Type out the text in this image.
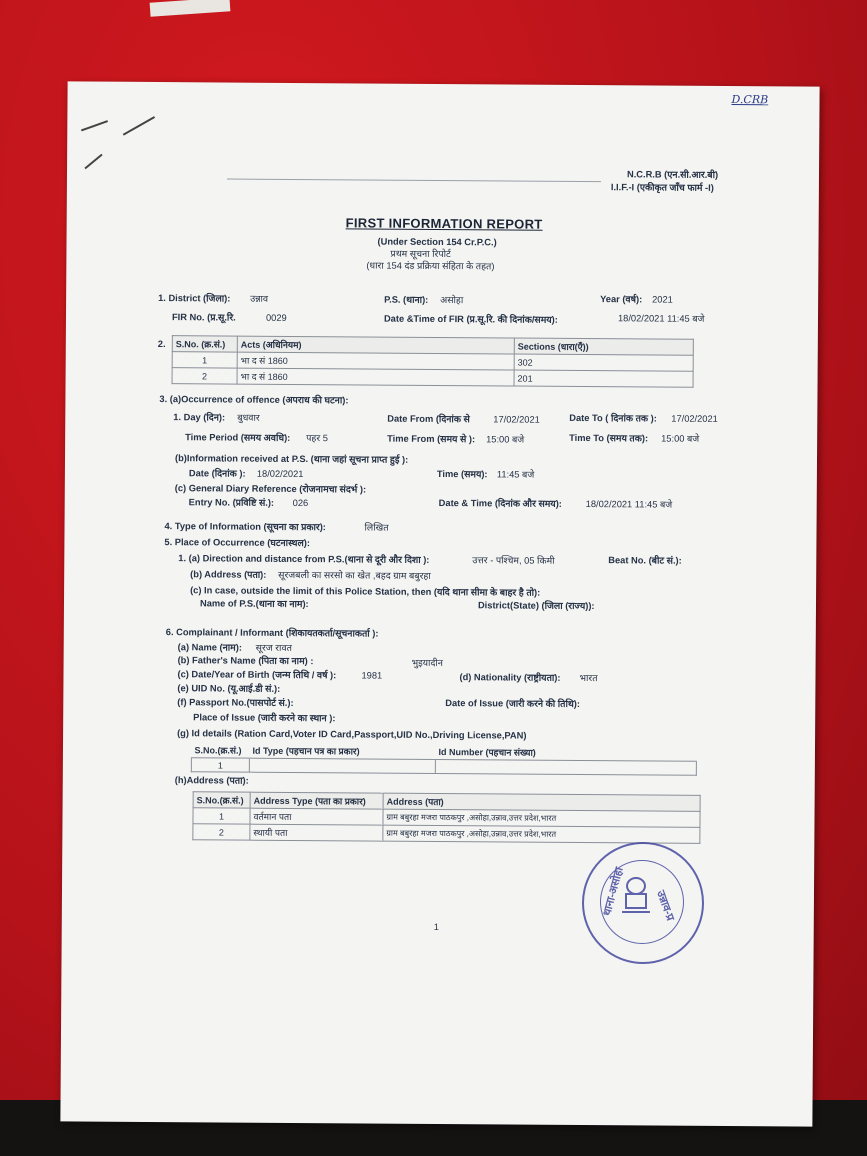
D.CRB
N.C.R.B (एन.सी.आर.बी)
I.I.F.-I (एकीकृत जाँच फार्म -I)
FIRST INFORMATION REPORT
(Under Section 154 Cr.P.C.)
प्रथम सूचना रिपोर्ट
(धारा 154 दंड प्रक्रिया संहिता के तहत)
1. District (जिला): उन्नाव	P.S. (थाना): असोहा	Year (वर्ष): 2021
FIR No. (प्र.सू.रि.	0029	Date &Time of FIR (प्र.सू.रि. की दिनांक/समय):	18/02/2021 11:45 बजे
2. S.No. (क्र.सं.)	Acts (अधिनियम)	Sections (धारा(एँ))
1	भा द सं 1860	302
2	भा द सं 1860	201
3. (a)Occurrence of offence (अपराध की घटना):
1. Day (दिन): बुधवार	Date From (दिनांक से	17/02/2021	Date To ( दिनांक तक ): 17/02/2021
Time Period (समय अवधि): पहर 5	Time From (समय से ): 15:00 बजे	Time To (समय तक): 15:00 बजे
(b)Information received at P.S. (थाना जहां सूचना प्राप्त हुई ):
Date (दिनांक ): 18/02/2021	Time (समय): 11:45 बजे
(c) General Diary Reference (रोजनामचा संदर्भ ):
Entry No. (प्रविष्टि सं.): 026	Date & Time (दिनांक और समय):	18/02/2021 11:45 बजे
4. Type of Information (सूचना का प्रकार):	लिखित
5. Place of Occurrence (घटनास्थल):
1. (a) Direction and distance from P.S.(थाना से दूरी और दिशा ):	उत्तर - पश्चिम, 05 किमी	Beat No. (बीट सं.):
(b) Address (पता): सूरजबली का सरसो का खेत ,बहद ग्राम बबुरहा
(c) In case, outside the limit of this Police Station, then (यदि थाना सीमा के बाहर है तो):
Name of P.S.(थाना का नाम):	District(State) (जिला (राज्य)):
6. Complainant / Informant (शिकायतकर्ता/सूचनाकर्ता ):
(a) Name (नाम): सूरज रावत
(b) Father's Name (पिता का नाम) :	भुइयादीन
(c) Date/Year of Birth (जन्म तिथि / वर्ष ):	1981	(d) Nationality (राष्ट्रीयता): भारत
(e) UID No. (यू.आई.डी सं.):
(f) Passport No.(पासपोर्ट सं.):	Date of Issue (जारी करने की तिथि):
Place of Issue (जारी करने का स्थान ):
(g) Id details (Ration Card,Voter ID Card,Passport,UID No.,Driving License,PAN)
S.No.(क्र.सं.)	Id Type (पहचान पत्र का प्रकार)	Id Number (पहचान संख्या)
1		
(h)Address (पता):
S.No.(क्र.सं.)	Address Type (पता का प्रकार)	Address (पता)
1	वर्तमान पता	ग्राम बबुरहा मजरा पाठकपुर ,असोहा,उन्नाव,उत्तर प्रदेश,भारत
2	स्थायी पता	ग्राम बबुरहा मजरा पाठकपुर ,असोहा,उन्नाव,उत्तर प्रदेश,भारत
1
थाना-असोहा	उन्नाव-प्र
